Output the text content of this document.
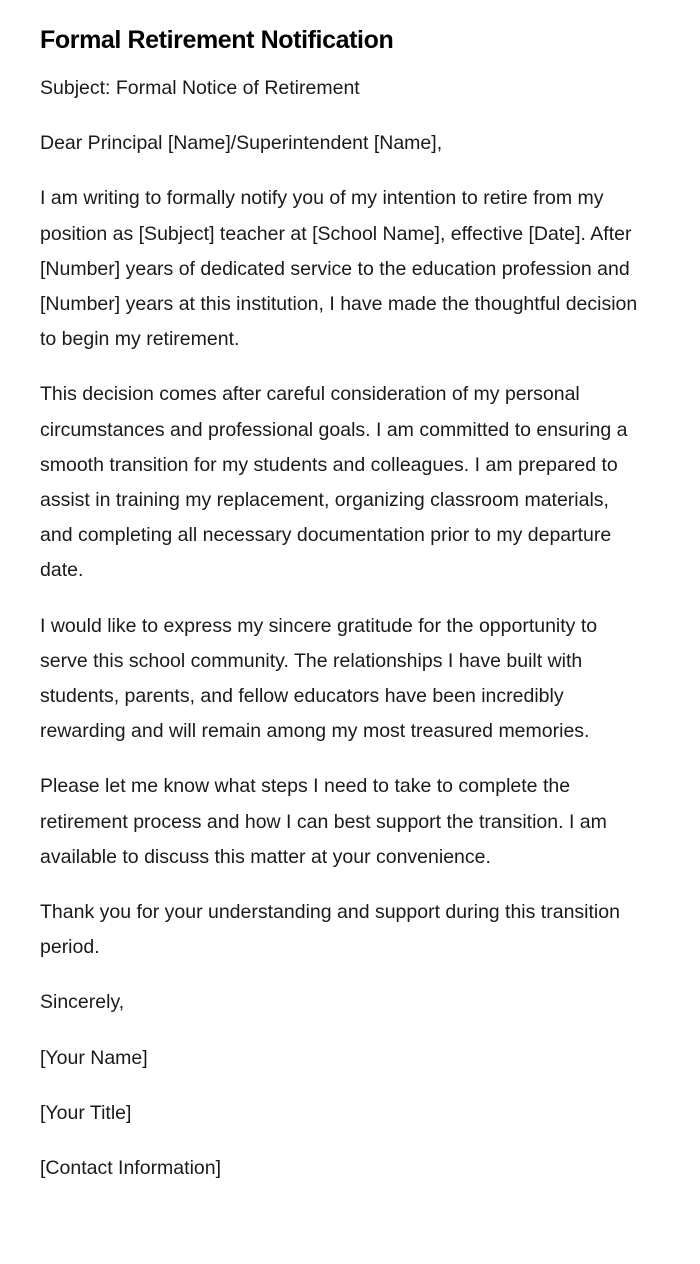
Formal Retirement Notification

Subject: Formal Notice of Retirement

Dear Principal [Name]/Superintendent [Name],

I am writing to formally notify you of my intention to retire from my position as [Subject] teacher at [School Name], effective [Date]. After [Number] years of dedicated service to the education profession and [Number] years at this institution, I have made the thoughtful decision to begin my retirement.

This decision comes after careful consideration of my personal circumstances and professional goals. I am committed to ensuring a smooth transition for my students and colleagues. I am prepared to assist in training my replacement, organizing classroom materials, and completing all necessary documentation prior to my departure date.

I would like to express my sincere gratitude for the opportunity to serve this school community. The relationships I have built with students, parents, and fellow educators have been incredibly rewarding and will remain among my most treasured memories.

Please let me know what steps I need to take to complete the retirement process and how I can best support the transition. I am available to discuss this matter at your convenience.

Thank you for your understanding and support during this transition period.

Sincerely,

[Your Name]

[Your Title]

[Contact Information]
